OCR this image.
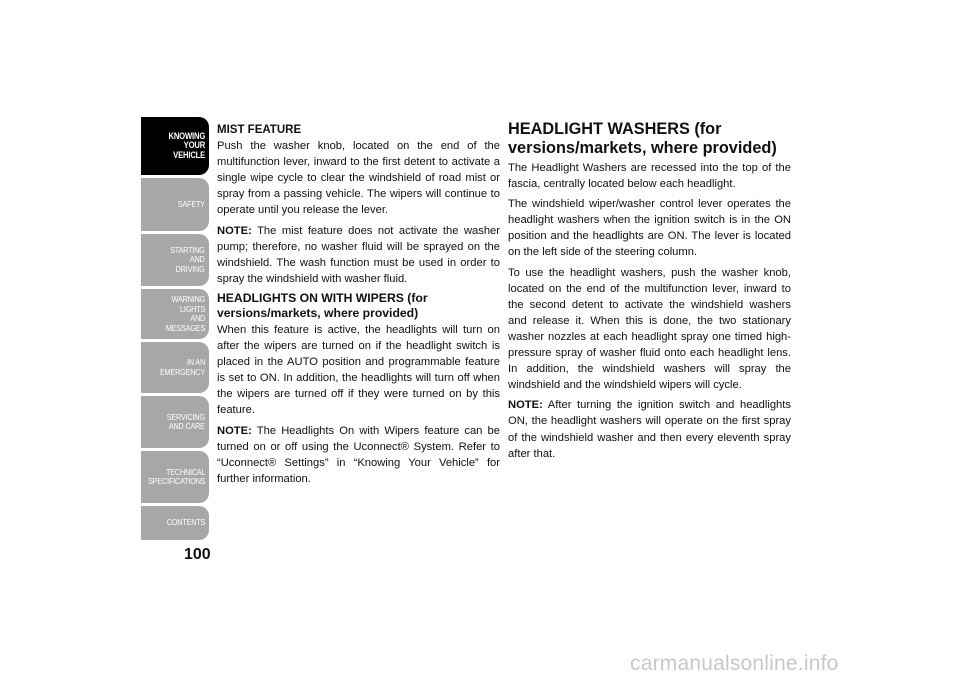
KNOWING
YOUR
VEHICLE
SAFETY
STARTING
AND
DRIVING
WARNING
LIGHTS
AND
MESSAGES
IN AN
EMERGENCY
SERVICING
AND CARE
TECHNICAL
SPECIFICATIONS
CONTENTS
100
MIST FEATURE

Push the washer knob, located on the end of the multifunction lever, inward to the first detent to activate a single wipe cycle to clear the windshield of road mist or spray from a passing vehicle. The wipers will continue to operate until you release the lever.

NOTE: The mist feature does not activate the washer pump; therefore, no washer fluid will be sprayed on the windshield. The wash function must be used in order to spray the windshield with washer fluid.

HEADLIGHTS ON WITH WIPERS (for versions/markets, where provided)

When this feature is active, the headlights will turn on after the wipers are turned on if the headlight switch is placed in the AUTO position and programmable feature is set to ON. In addition, the headlights will turn off when the wipers are turned off if they were turned on by this feature.

NOTE: The Headlights On with Wipers feature can be turned on or off using the Uconnect® System. Refer to “Uconnect® Settings” in “Knowing Your Vehicle” for further information.

HEADLIGHT WASHERS (for versions/markets, where provided)

The Headlight Washers are recessed into the top of the fascia, centrally located below each headlight.

The windshield wiper/washer control lever operates the headlight washers when the ignition switch is in the ON position and the headlights are ON. The lever is located on the left side of the steering column.

To use the headlight washers, push the washer knob, located on the end of the multifunction lever, inward to the second detent to activate the windshield washers and release it. When this is done, the two stationary washer nozzles at each headlight spray one timed high-pressure spray of washer fluid onto each headlight lens. In addition, the windshield washers will spray the windshield and the windshield wipers will cycle.

NOTE: After turning the ignition switch and headlights ON, the headlight washers will operate on the first spray of the windshield washer and then every eleventh spray after that.

carmanualsonline.info
